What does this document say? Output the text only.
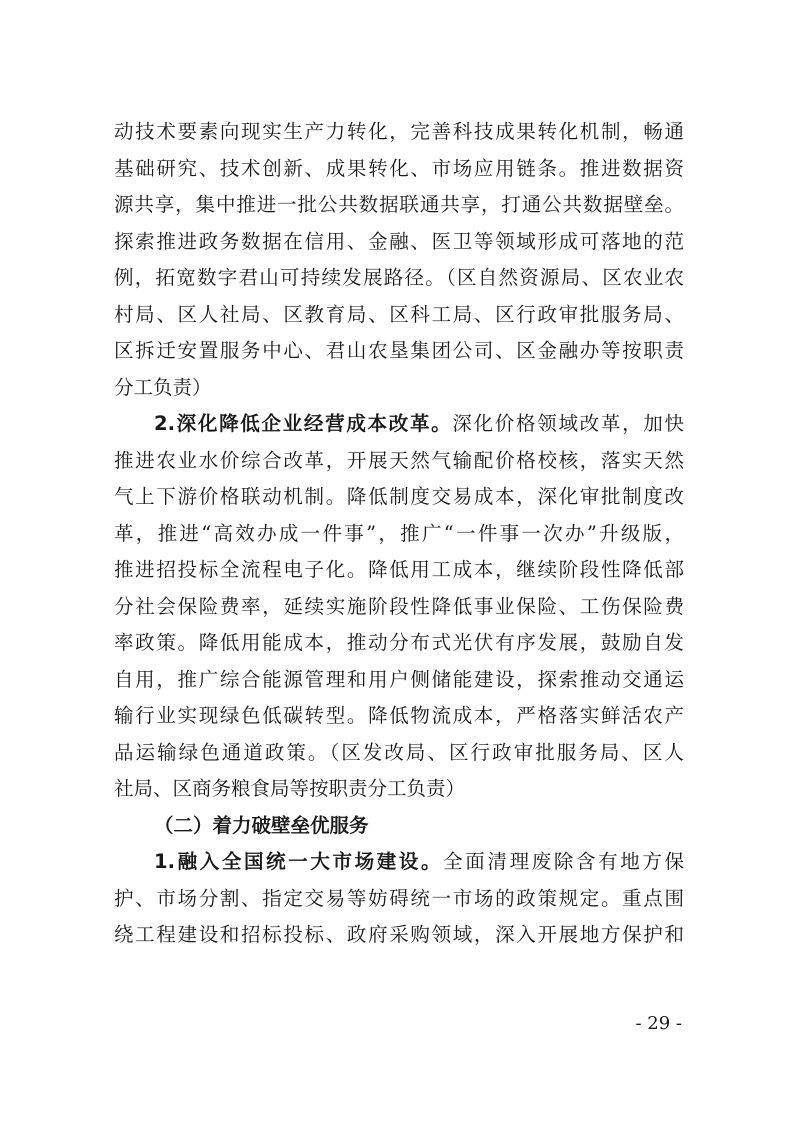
动技术要素向现实生产力转化，完善科技成果转化机制，畅通
基础研究、技术创新、成果转化、市场应用链条。推进数据资
源共享，集中推进一批公共数据联通共享，打通公共数据壁垒。
探索推进政务数据在信用、金融、医卫等领域形成可落地的范
例，拓宽数字君山可持续发展路径。（区自然资源局、区农业农
村局、区人社局、区教育局、区科工局、区行政审批服务局、
区拆迁安置服务中心、君山农垦集团公司、区金融办等按职责
分工负责）
2.深化降低企业经营成本改革。深化价格领域改革，加快
推进农业水价综合改革，开展天然气输配价格校核，落实天然
气上下游价格联动机制。降低制度交易成本，深化审批制度改
革，推进“高效办成一件事”，推广“一件事一次办”升级版，
推进招投标全流程电子化。降低用工成本，继续阶段性降低部
分社会保险费率，延续实施阶段性降低事业保险、工伤保险费
率政策。降低用能成本，推动分布式光伏有序发展，鼓励自发
自用，推广综合能源管理和用户侧储能建设，探索推动交通运
输行业实现绿色低碳转型。降低物流成本，严格落实鲜活农产
品运输绿色通道政策。（区发改局、区行政审批服务局、区人
社局、区商务粮食局等按职责分工负责）
（二）着力破壁垒优服务
1.融入全国统一大市场建设。全面清理废除含有地方保
护、市场分割、指定交易等妨碍统一市场的政策规定。重点围
绕工程建设和招标投标、政府采购领域，深入开展地方保护和
- 29 -
